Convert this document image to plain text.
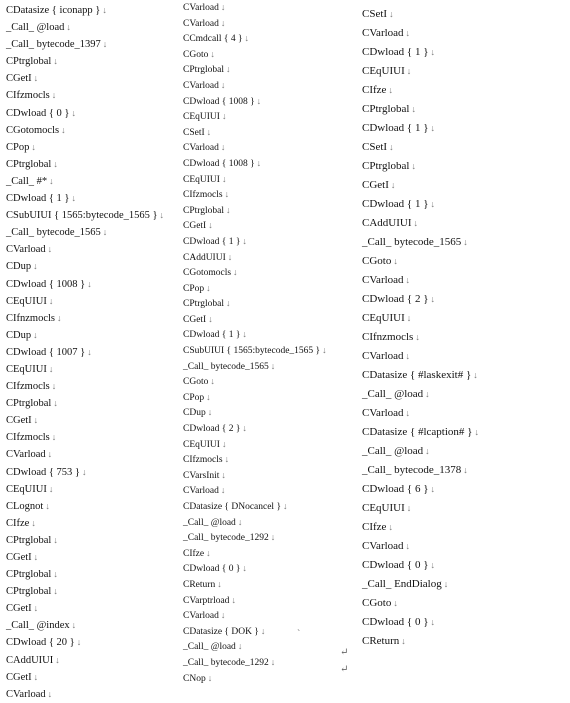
CDatasize { iconapp } ↓
_Call_ @load ↓
_Call_ bytecode_1397 ↓
CPtrglobal ↓
CGetI ↓
CIfzmocls ↓
CDwload { 0 } ↓
CGotomocls ↓
CPop ↓
CPtrglobal ↓
_Call_ #* ↓
CDwload { 1 } ↓
CSubUIUI { 1565:bytecode_1565 } ↓
_Call_ bytecode_1565 ↓
CVarload ↓
CDup ↓
CDwload { 1008 } ↓
CEqUIUI ↓
CIfnzmocls ↓
CDup ↓
CDwload { 1007 } ↓
CEqUIUI ↓
CIfzmocls ↓
CPtrglobal ↓
CGetI ↓
CIfzmocls ↓
CVarload ↓
CDwload { 753 } ↓
CEqUIUI ↓
CLognot ↓
CIfze ↓
CPtrglobal ↓
CGetI ↓
CPtrglobal ↓
CPtrglobal ↓
CGetI ↓
_Call_ @index ↓
CDwload { 20 } ↓
CAddUIUI ↓
CGetI ↓
CVarload ↓
CVarload ↓
CVarload ↓
CCmdcall { 4 } ↓
CGoto ↓
CPtrglobal ↓
CVarload ↓
CDwload { 1008 } ↓
CEqUIUI ↓
CSetI ↓
CVarload ↓
CDwload { 1008 } ↓
CEqUIUI ↓
CIfzmocls ↓
CPtrglobal ↓
CGetI ↓
CDwload { 1 } ↓
CAddUIUI ↓
CGotomocls ↓
CPop ↓
CPtrglobal ↓
CGetI ↓
CDwload { 1 } ↓
CSubUIUI { 1565:bytecode_1565 } ↓
_Call_ bytecode_1565 ↓
CGoto ↓
CPop ↓
CDup ↓
CDwload { 2 } ↓
CEqUIUI ↓
CIfzmocls ↓
CVarsInit ↓
CVarload ↓
CDatasize { DNocancel } ↓
_Call_ @load ↓
_Call_ bytecode_1292 ↓
CIfze ↓
CDwload { 0 } ↓
CReturn ↓
CVarptrload ↓
CVarload ↓
CDatasize { DOK } ↓
_Call_ @load ↓
_Call_ bytecode_1292 ↓
CNop ↓
CSetI ↓
CVarload ↓
CDwload { 1 } ↓
CEqUIUI ↓
CIfze ↓
CPtrglobal ↓
CDwload { 1 } ↓
CSetI ↓
CPtrglobal ↓
CGetI ↓
CDwload { 1 } ↓
CAddUIUI ↓
_Call_ bytecode_1565 ↓
CGoto ↓
CVarload ↓
CDwload { 2 } ↓
CEqUIUI ↓
CIfnzmocls ↓
CVarload ↓
CDatasize { #laskexit# } ↓
_Call_ @load ↓
CVarload ↓
CDatasize { #lcaption# } ↓
_Call_ @load ↓
_Call_ bytecode_1378 ↓
CDwload { 6 } ↓
CEqUIUI ↓
CIfze ↓
CVarload ↓
CDwload { 0 } ↓
_Call_ EndDialog ↓
CGoto ↓
CDwload { 0 } ↓
CReturn ↓
`
↵
↵
